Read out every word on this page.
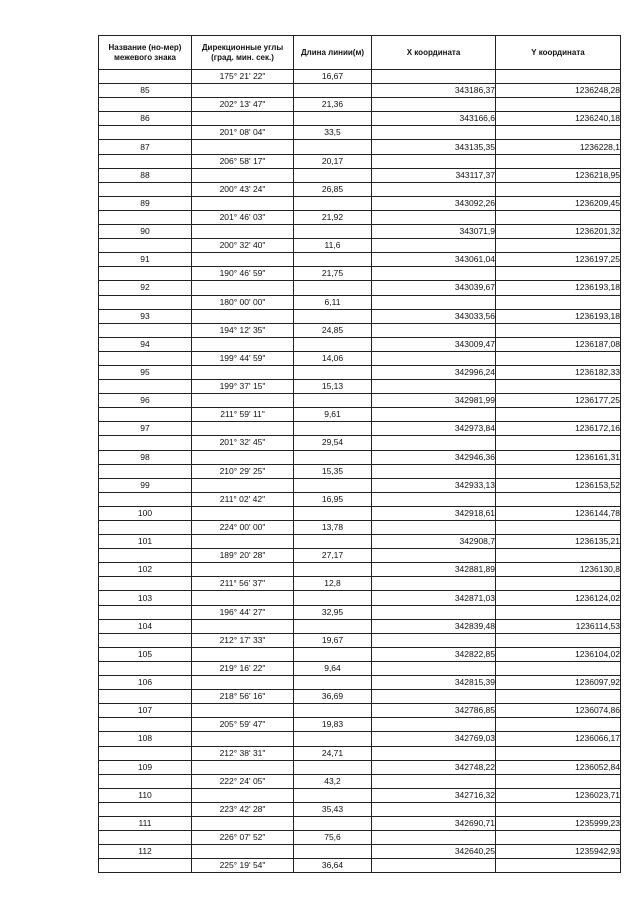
Название (но-мер) межевого знака	Дирекционные углы (град. мин. сек.)	Длина линии(м)	X координата	Y координата
	175° 21' 22"	16,67		
85			343186,37	1236248,28
	202° 13' 47"	21,36		
86			343166,6	1236240,18
	201° 08' 04"	33,5		
87			343135,35	1236228,1
	206° 58' 17"	20,17		
88			343117,37	1236218,95
	200° 43' 24"	26,85		
89			343092,26	1236209,45
	201° 46' 03"	21,92		
90			343071,9	1236201,32
	200° 32' 40"	11,6		
91			343061,04	1236197,25
	190° 46' 59"	21,75		
92			343039,67	1236193,18
	180° 00' 00"	6,11		
93			343033,56	1236193,18
	194° 12' 35"	24,85		
94			343009,47	1236187,08
	199° 44' 59"	14,06		
95			342996,24	1236182,33
	199° 37' 15"	15,13		
96			342981,99	1236177,25
	211° 59' 11"	9,61		
97			342973,84	1236172,16
	201° 32' 45"	29,54		
98			342946,36	1236161,31
	210° 29' 25"	15,35		
99			342933,13	1236153,52
	211° 02' 42"	16,95		
100			342918,61	1236144,78
	224° 00' 00"	13,78		
101			342908,7	1236135,21
	189° 20' 28"	27,17		
102			342881,89	1236130,8
	211° 56' 37"	12,8		
103			342871,03	1236124,02
	196° 44' 27"	32,95		
104			342839,48	1236114,53
	212° 17' 33"	19,67		
105			342822,85	1236104,02
	219° 16' 22"	9,64		
106			342815,39	1236097,92
	218° 56' 16"	36,69		
107			342786,85	1236074,86
	205° 59' 47"	19,83		
108			342769,03	1236066,17
	212° 38' 31"	24,71		
109			342748,22	1236052,84
	222° 24' 05"	43,2		
110			342716,32	1236023,71
	223° 42' 28"	35,43		
111			342690,71	1235999,23
	226° 07' 52"	75,6		
112			342640,25	1235942,93
	225° 19' 54"	36,64		
